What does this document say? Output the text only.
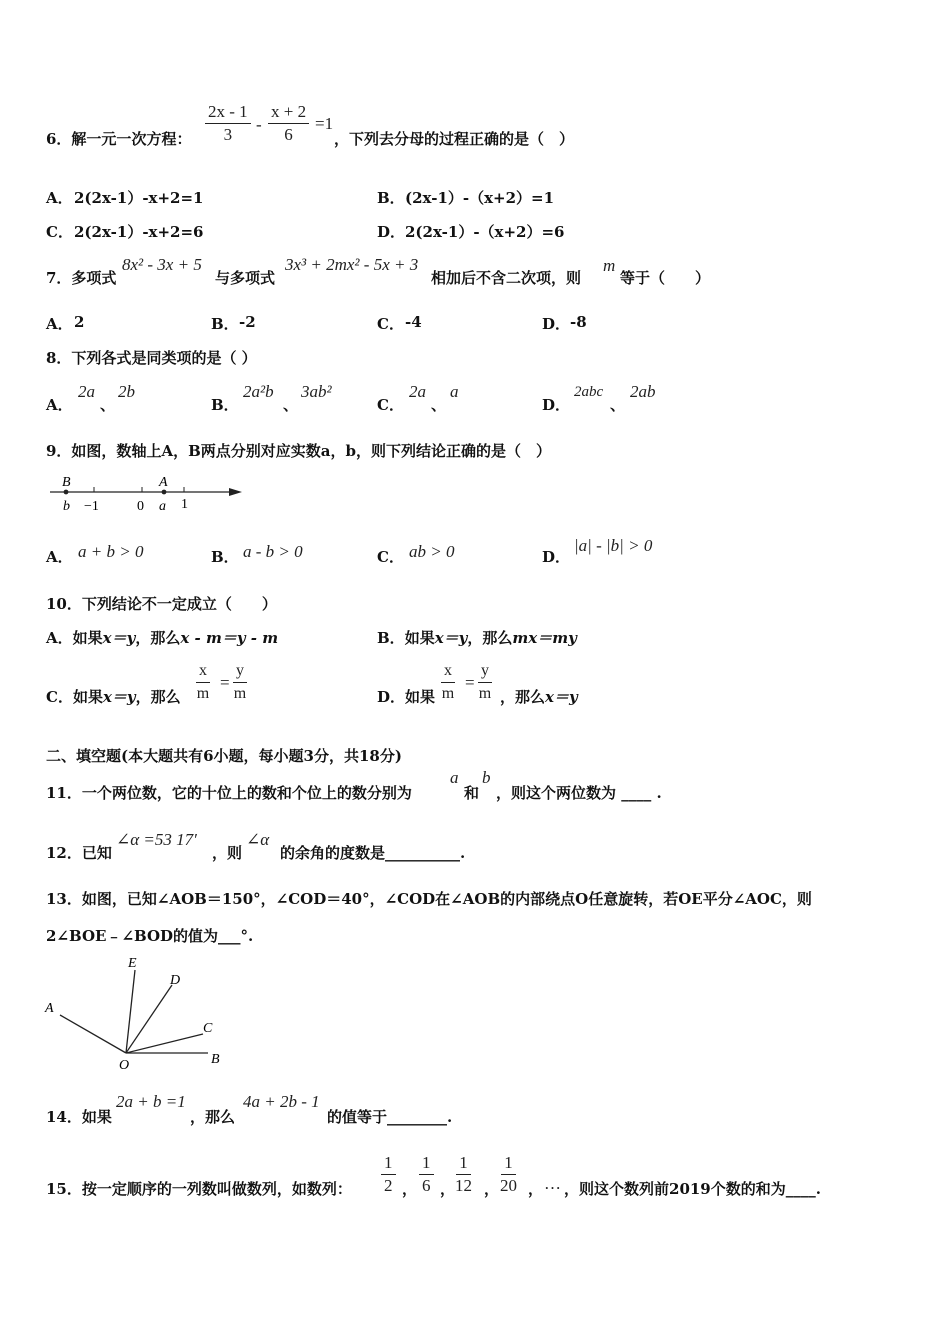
6．解一元一次方程： $\frac{2x - 1}{3} - \frac{x + 2}{6} =1$
，下列去分母的过程正确的是（　）
A． 2(2x-1）-x+2=1	B． (2x-1）-（x+2）=1
C． 2(2x-1）-x+2=6	D． 2(2x-1）-（x+2）=6
7．多项式
8x² - 3x + 5
与多项式
3x³ + 2mx² - 5x + 3
相加后不含二次项，则
m
等于（　　）
A． 2	B． -2	C． -4	D． -8
8．下列各式是同类项的是（ ）
A．
2a
、
2b
B．
2a²b
、
3ab²
C．
2a
、
a
D．
2abc
、
2ab
9．如图，数轴上A，B两点分别对应实数a，b，则下列结论正确的是（　）
B	A
b −1	0 a 1
A． a + b > 0	B． a - b > 0	C． ab > 0	D．
|a| - |b| > 0
10．下列结论不一定成立（　　）
A．如果x＝y，那么x - m＝y - m	B．如果x＝y，那么mx＝my
C．如果x＝y，那么 $\frac{x}{m} = \frac{y}{m}$	D．如果 $\frac{x}{m} = \frac{y}{m}$ ，那么x＝y
二、填空题(本大题共有6小题，每小题3分，共18分)
11．一个两位数，它的十位上的数和个位上的数分别为
a
和
b
，则这个两位数为 ____ .
12．已知
∠α =53 17′
，则
∠α
的余角的度数是__________.
13．如图，已知∠AOB＝150°，∠COD＝40°，∠COD在∠AOB的内部绕点O任意旋转，若OE平分∠AOC，则
2∠BOE﹣∠BOD的值为___°.
E
D
A
C
O	B
14．如果
2a + b =1
，那么
4a + 2b - 1
的值等于________.
15．按一定顺序的一列数叫做数列，如数列： $\frac{1}{2}$ ， $\frac{1}{6}$ ， $\frac{1}{12}$ ， $\frac{1}{20}$ ， … ，则这个数列前2019个数的和为____.
